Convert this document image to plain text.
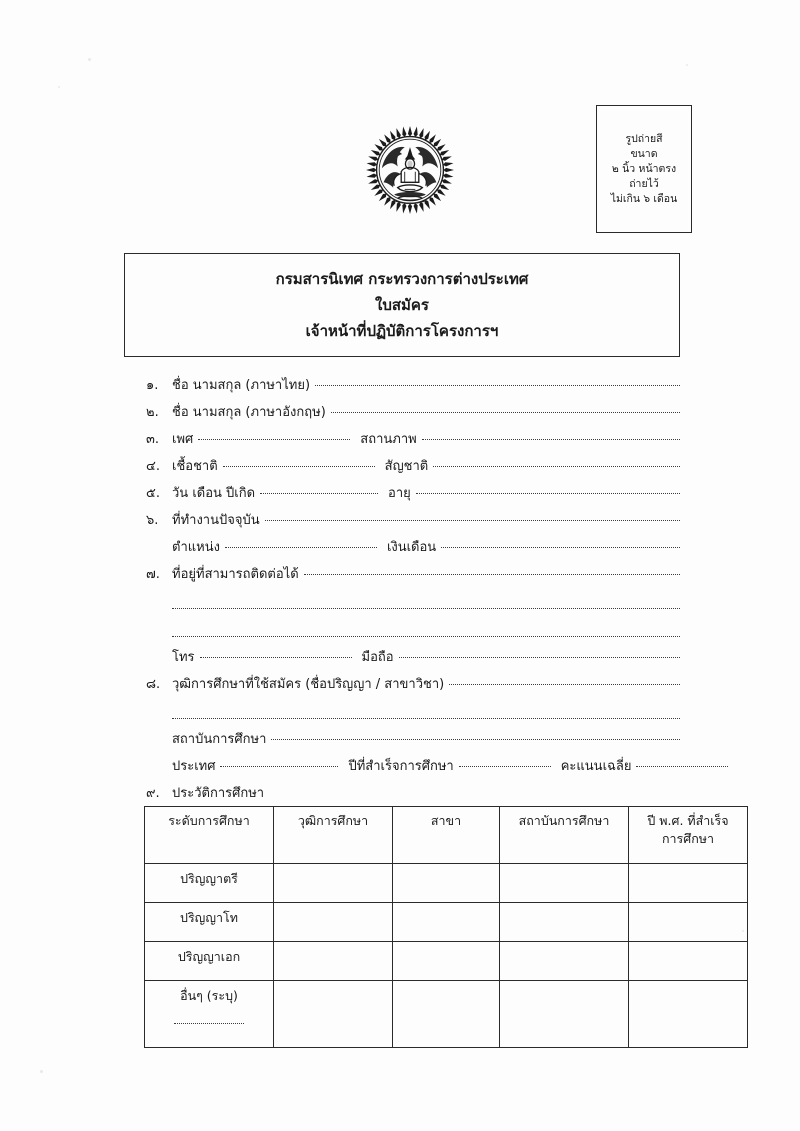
รูปถ่ายสี
ขนาด
๒ นิ้ว หน้าตรง
ถ่ายไว้
ไม่เกิน ๖ เดือน
กรมสารนิเทศ กระทรวงการต่างประเทศ
ใบสมัคร
เจ้าหน้าที่ปฏิบัติการโครงการฯ
๑.	ชื่อ นามสกุล (ภาษาไทย)
๒.	ชื่อ นามสกุล (ภาษาอังกฤษ)
๓. เพศ	สถานภาพ
๔. เชื้อชาติ	สัญชาติ
๕. วัน เดือน ปีเกิด	อายุ
๖.	ที่ทำงานปัจจุบัน
ตำแหน่ง	เงินเดือน
๗. ที่อยู่ที่สามารถติดต่อได้
โทร	มือถือ
๘. วุฒิการศึกษาที่ใช้สมัคร (ชื่อปริญญา / สาขาวิชา)
สถาบันการศึกษา
ประเทศ	ปีที่สำเร็จการศึกษา	คะแนนเฉลี่ย
๙. ประวัติการศึกษา
ระดับการศึกษา	วุฒิการศึกษา	สาขา	สถาบันการศึกษา	ปี พ.ศ. ที่สำเร็จ
การศึกษา

ปริญญาตรี				
ปริญญาโท				
ปริญญาเอก				
อื่นๆ (ระบุ)
